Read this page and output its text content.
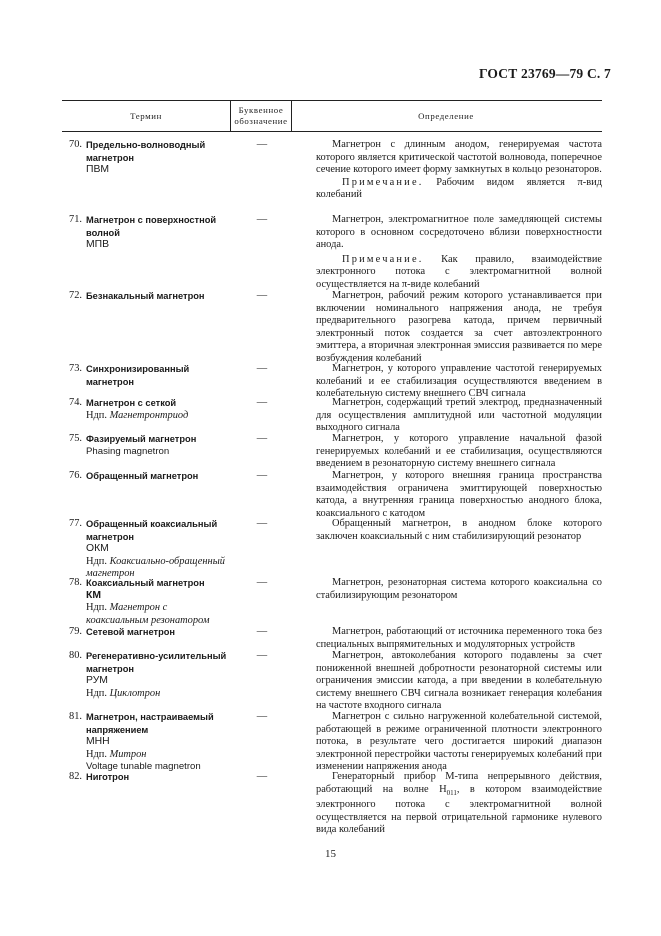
ГОСТ 23769—79 С. 7
Термин
Буквенное обозначение	Определение
70. Предельно-волноводный магнетрон
ПВМ
—	Магнетрон с длинным анодом, генерируемая частота которого является критической частотой волновода, поперечное сечение которого имеет форму замкнутых в кольцо резонаторов.
Примечание. Рабочим видом является π-вид колебаний
71. Магнетрон с поверхностной волной
МПВ
—	Магнетрон, электромагнитное поле замедляющей системы которого в основном сосредоточено вблизи поверхностности анода.
Примечание. Как правило, взаимодействие электронного потока с электромагнитной волной осуществляется на π-виде колебаний
72. Безнакальный магнетрон	—	Магнетрон, рабочий режим которого устанавливается при включении номинального напряжения анода, не требуя предварительного разогрева катода, причем первичный электронный поток создается за счет автоэлектронного эмиттера, а вторичная электронная эмиссия развивается по мере возбуждения колебаний
73. Синхронизированный магнетрон
—	Магнетрон, у которого управление частотой генерируемых колебаний и ее стабилизация осуществляются введением в колебательную систему внешнего СВЧ сигнала
74. Магнетрон с сеткой
Ндп. Магнетронтриод
—	Магнетрон, содержащий третий электрод, предназначенный для осуществления амплитудной или частотной модуляции выходного сигнала
75. Фазируемый магнетрон
Phasing magnetron
—	Магнетрон, у которого управление начальной фазой генерируемых колебаний и ее стабилизация, осуществляются введением в резонаторную систему внешнего сигнала
76. Обращенный магнетрон	—	Магнетрон, у которого внешняя граница пространства взаимодействия ограничена эмиттирующей поверхностью катода, а внутренняя граница поверхностью анодного блока, коаксиального с катодом
77. Обращенный коаксиальный магнетрон
ОКМ
Ндп. Коаксиально-обращенный магнетрон
—	Обращенный магнетрон, в анодном блоке которого заключен коаксиальный с ним стабилизирующий резонатор
78. Коаксиальный магнетрон
КМ
Ндп. Магнетрон с коаксиальным резонатором
—	Магнетрон, резонаторная система которого коаксиальна со стабилизирующим резонатором
79. Сетевой магнетрон	—	Магнетрон, работающий от источника переменного тока без специальных выпрямительных и модуляторных устройств
80. Регенеративно-усилительный магнетрон
РУМ
Ндп. Циклотрон
—	Магнетрон, автоколебания которого подавлены за счет пониженной внешней добротности резонаторной системы или ограничения эмиссии катода, а при введении в колебательную систему внешнего СВЧ сигнала возникает генерация колебания на частоте входного сигнала
81. Магнетрон, настраиваемый напряжением
МНН
Ндп. Митрон
Voltage tunable magnetron
—	Магнетрон с сильно нагруженной колебательной системой, работающей в режиме ограниченной плотности электронного потока, в результате чего достигается широкий диапазон электронной перестройки частоты генерируемых колебаний при изменении напряжения анода
82. Ниготрон	—	Генераторный прибор М-типа непрерывного действия, работающий на волне $H_{011}$, в котором взаимодействие электронного потока с электромагнитной волной осуществляется на первой отрицательной гармонике нулевого вида колебаний
15
